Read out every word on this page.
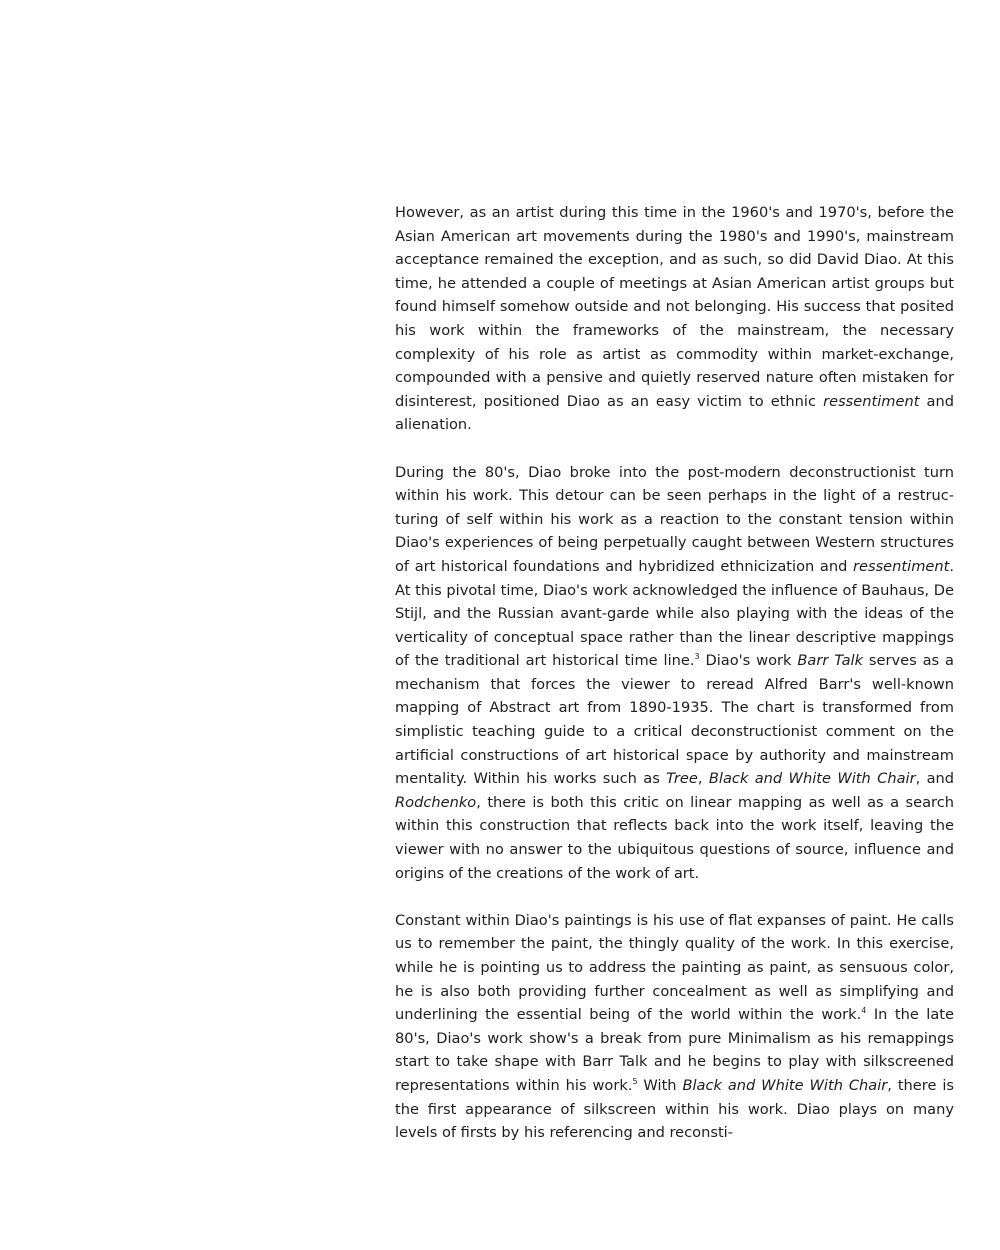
However, as an artist during this time in the 1960's and 1970's, before the Asian American art movements during the 1980's and 1990's, mainstream acceptance remained the exception, and as such, so did David Diao. At this time, he attended a couple of meetings at Asian American artist groups but found himself somehow outside and not belonging. His success that posited his work within the frameworks of the mainstream, the necessary complexity of his role as artist as commodity within market-exchange, compounded with a pensive and quietly reserved nature often mistaken for disinterest, positioned Diao as an easy victim to ethnic ressentiment and alienation.

During the 80's, Diao broke into the post-modern deconstructionist turn within his work. This detour can be seen perhaps in the light of a restructuring of self within his work as a reaction to the constant tension within Diao's experiences of being perpetually caught between Western structures of art historical foundations and hybridized ethnicization and ressentiment. At this pivotal time, Diao's work acknowledged the influence of Bauhaus, De Stijl, and the Russian avant-garde while also playing with the ideas of the verticality of conceptual space rather than the linear descriptive mappings of the traditional art historical time line.$^3$ Diao's work Barr Talk serves as a mechanism that forces the viewer to reread Alfred Barr's well-known mapping of Abstract art from 1890-1935. The chart is transformed from simplistic teaching guide to a critical deconstructionist comment on the artificial constructions of art historical space by authority and mainstream mentality. Within his works such as Tree, Black and White With Chair, and Rodchenko, there is both this critic on linear mapping as well as a search within this construction that reflects back into the work itself, leaving the viewer with no answer to the ubiquitous questions of source, influence and origins of the creations of the work of art.

Constant within Diao's paintings is his use of flat expanses of paint. He calls us to remember the paint, the thingly quality of the work. In this exercise, while he is pointing us to address the painting as paint, as sensuous color, he is also both providing further concealment as well as simplifying and underlining the essential being of the world within the work.$^4$ In the late 80's, Diao's work show's a break from pure Minimalism as his remappings start to take shape with Barr Talk and he begins to play with silkscreened representations within his work.$^5$ With Black and White With Chair, there is the first appearance of silkscreen within his work. Diao plays on many levels of firsts by his referencing and reconsti-
